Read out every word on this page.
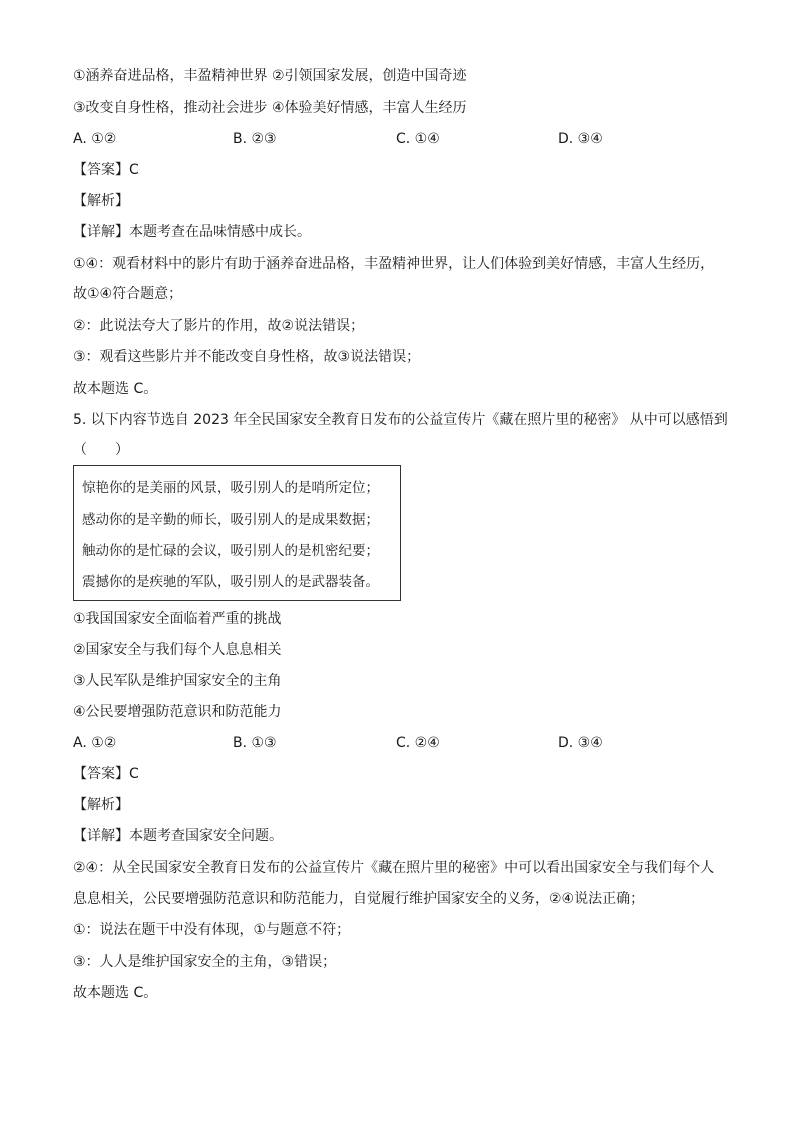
①涵养奋进品格，丰盈精神世界 ②引领国家发展，创造中国奇迹
③改变自身性格，推动社会进步 ④体验美好情感，丰富人生经历
A. ①②	B. ②③	C. ①④	D. ③④
【答案】C
【解析】
【详解】本题考查在品味情感中成长。
①④：观看材料中的影片有助于涵养奋进品格，丰盈精神世界，让人们体验到美好情感，丰富人生经历，
故①④符合题意；
②：此说法夸大了影片的作用，故②说法错误；
③：观看这些影片并不能改变自身性格，故③说法错误；
故本题选 C。
5. 以下内容节选自 2023 年全民国家安全教育日发布的公益宣传片《藏在照片里的秘密》 从中可以感悟到
（　　）
惊艳你的是美丽的风景，吸引别人的是哨所定位；
感动你的是辛勤的师长，吸引别人的是成果数据；
触动你的是忙碌的会议，吸引别人的是机密纪要；
震撼你的是疾驰的军队，吸引别人的是武器装备。
①我国国家安全面临着严重的挑战
②国家安全与我们每个人息息相关
③人民军队是维护国家安全的主角
④公民要增强防范意识和防范能力
A. ①②	B. ①③	C. ②④	D. ③④
【答案】C
【解析】
【详解】本题考查国家安全问题。
②④：从全民国家安全教育日发布的公益宣传片《藏在照片里的秘密》中可以看出国家安全与我们每个人
息息相关，公民要增强防范意识和防范能力，自觉履行维护国家安全的义务，②④说法正确；
①：说法在题干中没有体现，①与题意不符；
③：人人是维护国家安全的主角，③错误；
故本题选 C。
